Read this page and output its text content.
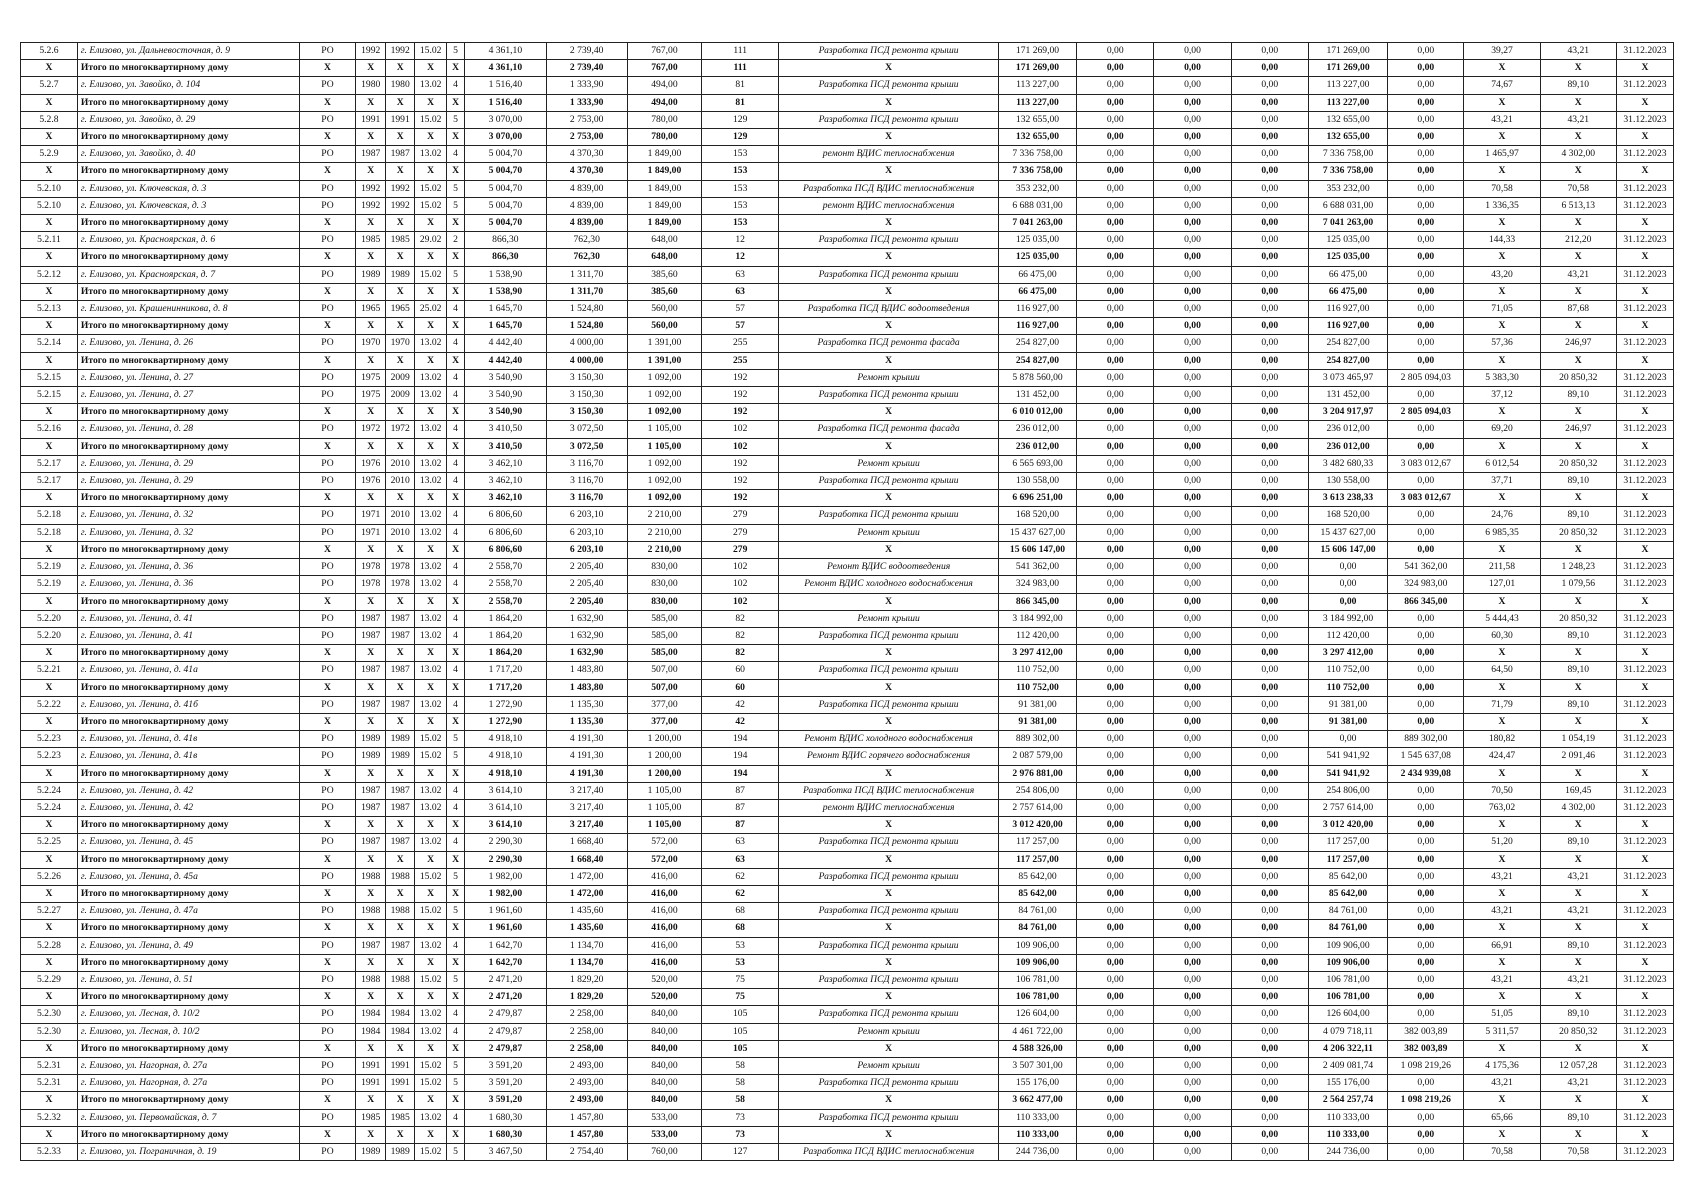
5.2.6	г. Елизово, ул. Дальневосточная, д. 9	РО	1992	1992	15.02	5	4 361,10	2 739,40	767,00	111	Разработка ПСД ремонта крыши	171 269,00	0,00	0,00	0,00	171 269,00	0,00	39,27	43,21	31.12.2023
X	Итого по многоквартирному дому	X	X	X	X	X	4 361,10	2 739,40	767,00	111	X	171 269,00	0,00	0,00	0,00	171 269,00	0,00	X	X	X
5.2.7	г. Елизово, ул. Завойко, д. 104	РО	1980	1980	13.02	4	1 516,40	1 333,90	494,00	81	Разработка ПСД ремонта крыши	113 227,00	0,00	0,00	0,00	113 227,00	0,00	74,67	89,10	31.12.2023
X	Итого по многоквартирному дому	X	X	X	X	X	1 516,40	1 333,90	494,00	81	X	113 227,00	0,00	0,00	0,00	113 227,00	0,00	X	X	X
5.2.8	г. Елизово, ул. Завойко, д. 29	РО	1991	1991	15.02	5	3 070,00	2 753,00	780,00	129	Разработка ПСД ремонта крыши	132 655,00	0,00	0,00	0,00	132 655,00	0,00	43,21	43,21	31.12.2023
X	Итого по многоквартирному дому	X	X	X	X	X	3 070,00	2 753,00	780,00	129	X	132 655,00	0,00	0,00	0,00	132 655,00	0,00	X	X	X
5.2.9	г. Елизово, ул. Завойко, д. 40	РО	1987	1987	13.02	4	5 004,70	4 370,30	1 849,00	153	ремонт ВДИС теплоснабжения	7 336 758,00	0,00	0,00	0,00	7 336 758,00	0,00	1 465,97	4 302,00	31.12.2023
X	Итого по многоквартирному дому	X	X	X	X	X	5 004,70	4 370,30	1 849,00	153	X	7 336 758,00	0,00	0,00	0,00	7 336 758,00	0,00	X	X	X
5.2.10	г. Елизово, ул. Ключевская, д. 3	РО	1992	1992	15.02	5	5 004,70	4 839,00	1 849,00	153	Разработка ПСД ВДИС теплоснабжения	353 232,00	0,00	0,00	0,00	353 232,00	0,00	70,58	70,58	31.12.2023
5.2.10	г. Елизово, ул. Ключевская, д. 3	РО	1992	1992	15.02	5	5 004,70	4 839,00	1 849,00	153	ремонт ВДИС теплоснабжения	6 688 031,00	0,00	0,00	0,00	6 688 031,00	0,00	1 336,35	6 513,13	31.12.2023
X	Итого по многоквартирному дому	X	X	X	X	X	5 004,70	4 839,00	1 849,00	153	X	7 041 263,00	0,00	0,00	0,00	7 041 263,00	0,00	X	X	X
5.2.11	г. Елизово, ул. Красноярская, д. 6	РО	1985	1985	29.02	2	866,30	762,30	648,00	12	Разработка ПСД ремонта крыши	125 035,00	0,00	0,00	0,00	125 035,00	0,00	144,33	212,20	31.12.2023
X	Итого по многоквартирному дому	X	X	X	X	X	866,30	762,30	648,00	12	X	125 035,00	0,00	0,00	0,00	125 035,00	0,00	X	X	X
5.2.12	г. Елизово, ул. Красноярская, д. 7	РО	1989	1989	15.02	5	1 538,90	1 311,70	385,60	63	Разработка ПСД ремонта крыши	66 475,00	0,00	0,00	0,00	66 475,00	0,00	43,20	43,21	31.12.2023
X	Итого по многоквартирному дому	X	X	X	X	X	1 538,90	1 311,70	385,60	63	X	66 475,00	0,00	0,00	0,00	66 475,00	0,00	X	X	X
5.2.13	г. Елизово, ул. Крашенинникова, д. 8	РО	1965	1965	25.02	4	1 645,70	1 524,80	560,00	57	Разработка ПСД ВДИС водоотведения	116 927,00	0,00	0,00	0,00	116 927,00	0,00	71,05	87,68	31.12.2023
X	Итого по многоквартирному дому	X	X	X	X	X	1 645,70	1 524,80	560,00	57	X	116 927,00	0,00	0,00	0,00	116 927,00	0,00	X	X	X
5.2.14	г. Елизово, ул. Ленина, д. 26	РО	1970	1970	13.02	4	4 442,40	4 000,00	1 391,00	255	Разработка ПСД ремонта фасада	254 827,00	0,00	0,00	0,00	254 827,00	0,00	57,36	246,97	31.12.2023
X	Итого по многоквартирному дому	X	X	X	X	X	4 442,40	4 000,00	1 391,00	255	X	254 827,00	0,00	0,00	0,00	254 827,00	0,00	X	X	X
5.2.15	г. Елизово, ул. Ленина, д. 27	РО	1975	2009	13.02	4	3 540,90	3 150,30	1 092,00	192	Ремонт крыши	5 878 560,00	0,00	0,00	0,00	3 073 465,97	2 805 094,03	5 383,30	20 850,32	31.12.2023
5.2.15	г. Елизово, ул. Ленина, д. 27	РО	1975	2009	13.02	4	3 540,90	3 150,30	1 092,00	192	Разработка ПСД ремонта крыши	131 452,00	0,00	0,00	0,00	131 452,00	0,00	37,12	89,10	31.12.2023
X	Итого по многоквартирному дому	X	X	X	X	X	3 540,90	3 150,30	1 092,00	192	X	6 010 012,00	0,00	0,00	0,00	3 204 917,97	2 805 094,03	X	X	X
5.2.16	г. Елизово, ул. Ленина, д. 28	РО	1972	1972	13.02	4	3 410,50	3 072,50	1 105,00	102	Разработка ПСД ремонта фасада	236 012,00	0,00	0,00	0,00	236 012,00	0,00	69,20	246,97	31.12.2023
X	Итого по многоквартирному дому	X	X	X	X	X	3 410,50	3 072,50	1 105,00	102	X	236 012,00	0,00	0,00	0,00	236 012,00	0,00	X	X	X
5.2.17	г. Елизово, ул. Ленина, д. 29	РО	1976	2010	13.02	4	3 462,10	3 116,70	1 092,00	192	Ремонт крыши	6 565 693,00	0,00	0,00	0,00	3 482 680,33	3 083 012,67	6 012,54	20 850,32	31.12.2023
5.2.17	г. Елизово, ул. Ленина, д. 29	РО	1976	2010	13.02	4	3 462,10	3 116,70	1 092,00	192	Разработка ПСД ремонта крыши	130 558,00	0,00	0,00	0,00	130 558,00	0,00	37,71	89,10	31.12.2023
X	Итого по многоквартирному дому	X	X	X	X	X	3 462,10	3 116,70	1 092,00	192	X	6 696 251,00	0,00	0,00	0,00	3 613 238,33	3 083 012,67	X	X	X
5.2.18	г. Елизово, ул. Ленина, д. 32	РО	1971	2010	13.02	4	6 806,60	6 203,10	2 210,00	279	Разработка ПСД ремонта крыши	168 520,00	0,00	0,00	0,00	168 520,00	0,00	24,76	89,10	31.12.2023
5.2.18	г. Елизово, ул. Ленина, д. 32	РО	1971	2010	13.02	4	6 806,60	6 203,10	2 210,00	279	Ремонт крыши	15 437 627,00	0,00	0,00	0,00	15 437 627,00	0,00	6 985,35	20 850,32	31.12.2023
X	Итого по многоквартирному дому	X	X	X	X	X	6 806,60	6 203,10	2 210,00	279	X	15 606 147,00	0,00	0,00	0,00	15 606 147,00	0,00	X	X	X
5.2.19	г. Елизово, ул. Ленина, д. 36	РО	1978	1978	13.02	4	2 558,70	2 205,40	830,00	102	Ремонт ВДИС водоотведения	541 362,00	0,00	0,00	0,00	0,00	541 362,00	211,58	1 248,23	31.12.2023
5.2.19	г. Елизово, ул. Ленина, д. 36	РО	1978	1978	13.02	4	2 558,70	2 205,40	830,00	102	Ремонт ВДИС холодного водоснабжения	324 983,00	0,00	0,00	0,00	0,00	324 983,00	127,01	1 079,56	31.12.2023
X	Итого по многоквартирному дому	X	X	X	X	X	2 558,70	2 205,40	830,00	102	X	866 345,00	0,00	0,00	0,00	0,00	866 345,00	X	X	X
5.2.20	г. Елизово, ул. Ленина, д. 41	РО	1987	1987	13.02	4	1 864,20	1 632,90	585,00	82	Ремонт крыши	3 184 992,00	0,00	0,00	0,00	3 184 992,00	0,00	5 444,43	20 850,32	31.12.2023
5.2.20	г. Елизово, ул. Ленина, д. 41	РО	1987	1987	13.02	4	1 864,20	1 632,90	585,00	82	Разработка ПСД ремонта крыши	112 420,00	0,00	0,00	0,00	112 420,00	0,00	60,30	89,10	31.12.2023
X	Итого по многоквартирному дому	X	X	X	X	X	1 864,20	1 632,90	585,00	82	X	3 297 412,00	0,00	0,00	0,00	3 297 412,00	0,00	X	X	X
5.2.21	г. Елизово, ул. Ленина, д. 41а	РО	1987	1987	13.02	4	1 717,20	1 483,80	507,00	60	Разработка ПСД ремонта крыши	110 752,00	0,00	0,00	0,00	110 752,00	0,00	64,50	89,10	31.12.2023
X	Итого по многоквартирному дому	X	X	X	X	X	1 717,20	1 483,80	507,00	60	X	110 752,00	0,00	0,00	0,00	110 752,00	0,00	X	X	X
5.2.22	г. Елизово, ул. Ленина, д. 41б	РО	1987	1987	13.02	4	1 272,90	1 135,30	377,00	42	Разработка ПСД ремонта крыши	91 381,00	0,00	0,00	0,00	91 381,00	0,00	71,79	89,10	31.12.2023
X	Итого по многоквартирному дому	X	X	X	X	X	1 272,90	1 135,30	377,00	42	X	91 381,00	0,00	0,00	0,00	91 381,00	0,00	X	X	X
5.2.23	г. Елизово, ул. Ленина, д. 41в	РО	1989	1989	15.02	5	4 918,10	4 191,30	1 200,00	194	Ремонт ВДИС холодного водоснабжения	889 302,00	0,00	0,00	0,00	0,00	889 302,00	180,82	1 054,19	31.12.2023
5.2.23	г. Елизово, ул. Ленина, д. 41в	РО	1989	1989	15.02	5	4 918,10	4 191,30	1 200,00	194	Ремонт ВДИС горячего водоснабжения	2 087 579,00	0,00	0,00	0,00	541 941,92	1 545 637,08	424,47	2 091,46	31.12.2023
X	Итого по многоквартирному дому	X	X	X	X	X	4 918,10	4 191,30	1 200,00	194	X	2 976 881,00	0,00	0,00	0,00	541 941,92	2 434 939,08	X	X	X
5.2.24	г. Елизово, ул. Ленина, д. 42	РО	1987	1987	13.02	4	3 614,10	3 217,40	1 105,00	87	Разработка ПСД ВДИС теплоснабжения	254 806,00	0,00	0,00	0,00	254 806,00	0,00	70,50	169,45	31.12.2023
5.2.24	г. Елизово, ул. Ленина, д. 42	РО	1987	1987	13.02	4	3 614,10	3 217,40	1 105,00	87	ремонт ВДИС теплоснабжения	2 757 614,00	0,00	0,00	0,00	2 757 614,00	0,00	763,02	4 302,00	31.12.2023
X	Итого по многоквартирному дому	X	X	X	X	X	3 614,10	3 217,40	1 105,00	87	X	3 012 420,00	0,00	0,00	0,00	3 012 420,00	0,00	X	X	X
5.2.25	г. Елизово, ул. Ленина, д. 45	РО	1987	1987	13.02	4	2 290,30	1 668,40	572,00	63	Разработка ПСД ремонта крыши	117 257,00	0,00	0,00	0,00	117 257,00	0,00	51,20	89,10	31.12.2023
X	Итого по многоквартирному дому	X	X	X	X	X	2 290,30	1 668,40	572,00	63	X	117 257,00	0,00	0,00	0,00	117 257,00	0,00	X	X	X
5.2.26	г. Елизово, ул. Ленина, д. 45а	РО	1988	1988	15.02	5	1 982,00	1 472,00	416,00	62	Разработка ПСД ремонта крыши	85 642,00	0,00	0,00	0,00	85 642,00	0,00	43,21	43,21	31.12.2023
X	Итого по многоквартирному дому	X	X	X	X	X	1 982,00	1 472,00	416,00	62	X	85 642,00	0,00	0,00	0,00	85 642,00	0,00	X	X	X
5.2.27	г. Елизово, ул. Ленина, д. 47а	РО	1988	1988	15.02	5	1 961,60	1 435,60	416,00	68	Разработка ПСД ремонта крыши	84 761,00	0,00	0,00	0,00	84 761,00	0,00	43,21	43,21	31.12.2023
X	Итого по многоквартирному дому	X	X	X	X	X	1 961,60	1 435,60	416,00	68	X	84 761,00	0,00	0,00	0,00	84 761,00	0,00	X	X	X
5.2.28	г. Елизово, ул. Ленина, д. 49	РО	1987	1987	13.02	4	1 642,70	1 134,70	416,00	53	Разработка ПСД ремонта крыши	109 906,00	0,00	0,00	0,00	109 906,00	0,00	66,91	89,10	31.12.2023
X	Итого по многоквартирному дому	X	X	X	X	X	1 642,70	1 134,70	416,00	53	X	109 906,00	0,00	0,00	0,00	109 906,00	0,00	X	X	X
5.2.29	г. Елизово, ул. Ленина, д. 51	РО	1988	1988	15.02	5	2 471,20	1 829,20	520,00	75	Разработка ПСД ремонта крыши	106 781,00	0,00	0,00	0,00	106 781,00	0,00	43,21	43,21	31.12.2023
X	Итого по многоквартирному дому	X	X	X	X	X	2 471,20	1 829,20	520,00	75	X	106 781,00	0,00	0,00	0,00	106 781,00	0,00	X	X	X
5.2.30	г. Елизово, ул. Лесная, д. 10/2	РО	1984	1984	13.02	4	2 479,87	2 258,00	840,00	105	Разработка ПСД ремонта крыши	126 604,00	0,00	0,00	0,00	126 604,00	0,00	51,05	89,10	31.12.2023
5.2.30	г. Елизово, ул. Лесная, д. 10/2	РО	1984	1984	13.02	4	2 479,87	2 258,00	840,00	105	Ремонт крыши	4 461 722,00	0,00	0,00	0,00	4 079 718,11	382 003,89	5 311,57	20 850,32	31.12.2023
X	Итого по многоквартирному дому	X	X	X	X	X	2 479,87	2 258,00	840,00	105	X	4 588 326,00	0,00	0,00	0,00	4 206 322,11	382 003,89	X	X	X
5.2.31	г. Елизово, ул. Нагорная, д. 27а	РО	1991	1991	15.02	5	3 591,20	2 493,00	840,00	58	Ремонт крыши	3 507 301,00	0,00	0,00	0,00	2 409 081,74	1 098 219,26	4 175,36	12 057,28	31.12.2023
5.2.31	г. Елизово, ул. Нагорная, д. 27а	РО	1991	1991	15.02	5	3 591,20	2 493,00	840,00	58	Разработка ПСД ремонта крыши	155 176,00	0,00	0,00	0,00	155 176,00	0,00	43,21	43,21	31.12.2023
X	Итого по многоквартирному дому	X	X	X	X	X	3 591,20	2 493,00	840,00	58	X	3 662 477,00	0,00	0,00	0,00	2 564 257,74	1 098 219,26	X	X	X
5.2.32	г. Елизово, ул. Первомайская, д. 7	РО	1985	1985	13.02	4	1 680,30	1 457,80	533,00	73	Разработка ПСД ремонта крыши	110 333,00	0,00	0,00	0,00	110 333,00	0,00	65,66	89,10	31.12.2023
X	Итого по многоквартирному дому	X	X	X	X	X	1 680,30	1 457,80	533,00	73	X	110 333,00	0,00	0,00	0,00	110 333,00	0,00	X	X	X
5.2.33	г. Елизово, ул. Пограничная, д. 19	РО	1989	1989	15.02	5	3 467,50	2 754,40	760,00	127	Разработка ПСД ВДИС теплоснабжения	244 736,00	0,00	0,00	0,00	244 736,00	0,00	70,58	70,58	31.12.2023
